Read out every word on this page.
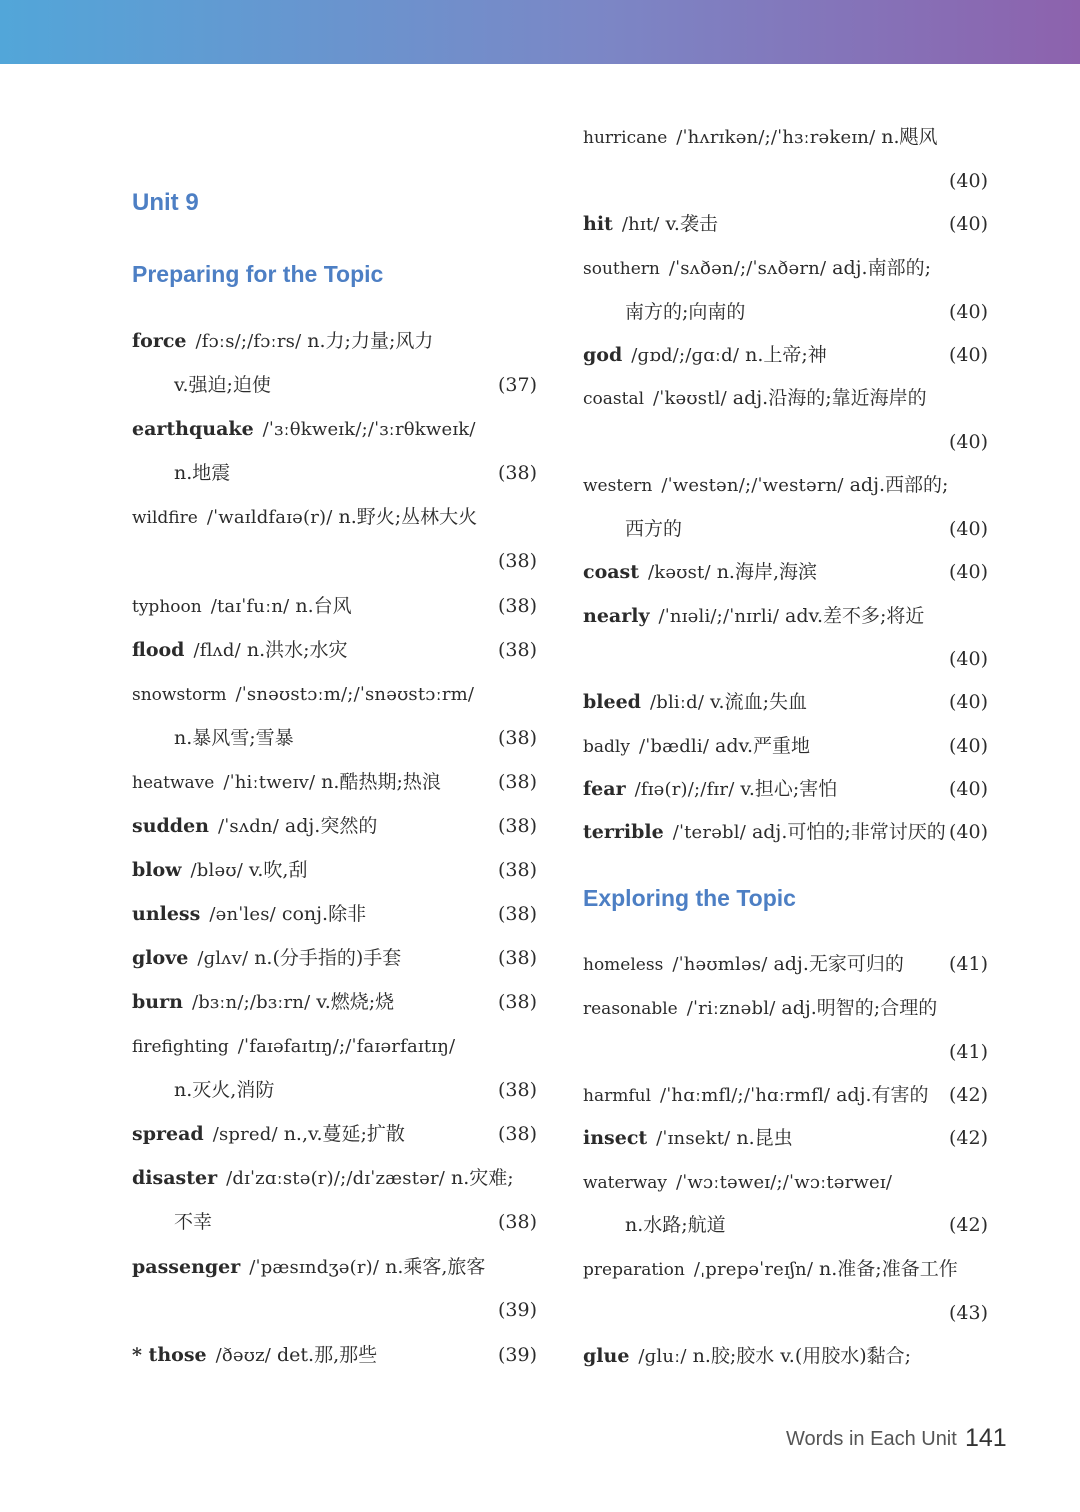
Unit 9
Preparing for the Topic
force /fɔːs/;/fɔːrs/ n.力;力量;风力
v.强迫;迫使	(37)
earthquake /ˈɜːθkweɪk/;/ˈɜːrθkweɪk/
n.地震	(38)
wildfire /ˈwaɪldfaɪə(r)/ n.野火;丛林大火
(38)
typhoon /taɪˈfuːn/ n.台风	(38)
flood /flʌd/ n.洪水;水灾	(38)
snowstorm /ˈsnəʊstɔːm/;/ˈsnəʊstɔːrm/
n.暴风雪;雪暴	(38)
heatwave /ˈhiːtweɪv/ n.酷热期;热浪	(38)
sudden /ˈsʌdn/ adj.突然的	(38)
blow /bləʊ/ v.吹,刮	(38)
unless /ənˈles/ conj.除非	(38)
glove /ɡlʌv/ n.(分手指的)手套	(38)
burn /bɜːn/;/bɜːrn/ v.燃烧;烧	(38)
firefighting /ˈfaɪəfaɪtɪŋ/;/ˈfaɪərfaɪtɪŋ/
n.灭火,消防	(38)
spread /spred/ n.,v.蔓延;扩散	(38)
disaster /dɪˈzɑːstə(r)/;/dɪˈzæstər/ n.灾难;
不幸	(38)
passenger /ˈpæsɪndʒə(r)/ n.乘客,旅客
(39)
* those /ðəʊz/ det.那,那些	(39)
Exploring the Topic
hurricane /ˈhʌrɪkən/;/ˈhɜːrəkeɪn/ n.飓风
(40)
hit /hɪt/ v.袭击	(40)
southern /ˈsʌðən/;/ˈsʌðərn/ adj.南部的;
南方的;向南的	(40)
god /ɡɒd/;/ɡɑːd/ n.上帝;神	(40)
coastal /ˈkəʊstl/ adj.沿海的;靠近海岸的
(40)
western /ˈwestən/;/ˈwestərn/ adj.西部的;
西方的	(40)
coast /kəʊst/ n.海岸,海滨	(40)
nearly /ˈnɪəli/;/ˈnɪrli/ adv.差不多;将近
(40)
bleed /bliːd/ v.流血;失血	(40)
badly /ˈbædli/ adv.严重地	(40)
fear /fɪə(r)/;/fɪr/ v.担心;害怕	(40)
terrible /ˈterəbl/ adj.可怕的;非常讨厌的 (40)
homeless /ˈhəʊmləs/ adj.无家可归的 (41)
reasonable /ˈriːznəbl/ adj.明智的;合理的
(41)
harmful /ˈhɑːmfl/;/ˈhɑːrmfl/ adj.有害的 (42)
insect /ˈɪnsekt/ n.昆虫	(42)
waterway /ˈwɔːtəweɪ/;/ˈwɔːtərweɪ/
n.水路;航道	(42)
preparation /ˌprepəˈreɪʃn/ n.准备;准备工作
(43)
glue /ɡluː/ n.胶;胶水 v.(用胶水)黏合;
Words in Each Unit 141
